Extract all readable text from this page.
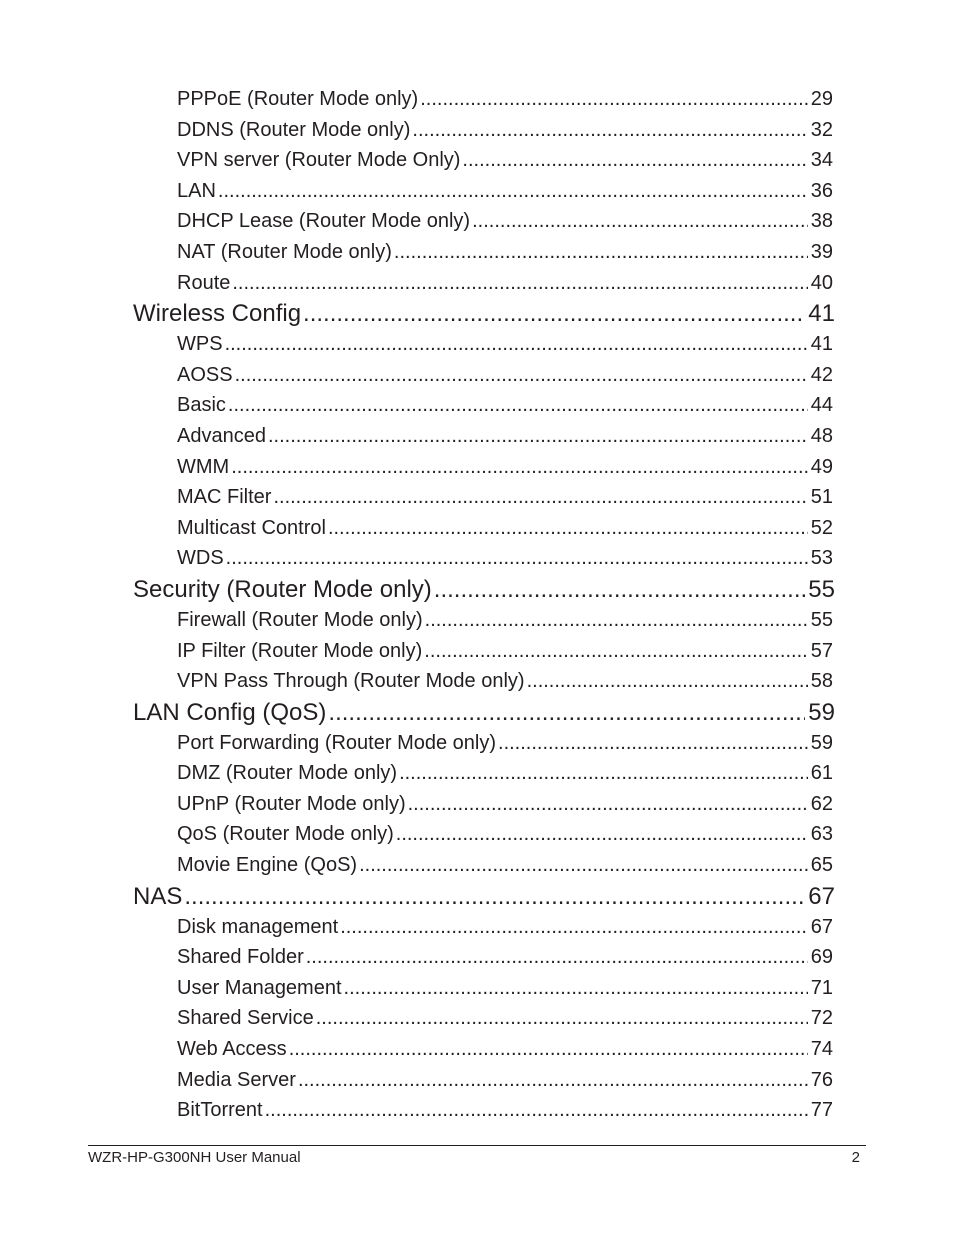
PPPoE (Router Mode only) .....	29
DDNS (Router Mode only) .....	32
VPN server (Router Mode Only) .....	34
LAN .....	36
DHCP Lease (Router Mode only) .....	38
NAT (Router Mode only) .....	39
Route .....	40
Wireless Config .....	41
WPS .....	41
AOSS .....	42
Basic .....	44
Advanced .....	48
WMM .....	49
MAC Filter .....	51
Multicast Control .....	52
WDS .....	53
Security (Router Mode only) .....	55
Firewall (Router Mode only) .....	55
IP Filter (Router Mode only) .....	57
VPN Pass Through (Router Mode only) .....	58
LAN Config (QoS) .....	59
Port Forwarding (Router Mode only) .....	59
DMZ (Router Mode only) .....	61
UPnP (Router Mode only) .....	62
QoS (Router Mode only) .....	63
Movie Engine (QoS) .....	65
NAS .....	67
Disk management .....	67
Shared Folder .....	69
User Management .....	71
Shared Service .....	72
Web Access .....	74
Media Server .....	76
BitTorrent .....	77
WZR-HP-G300NH User Manual	2
